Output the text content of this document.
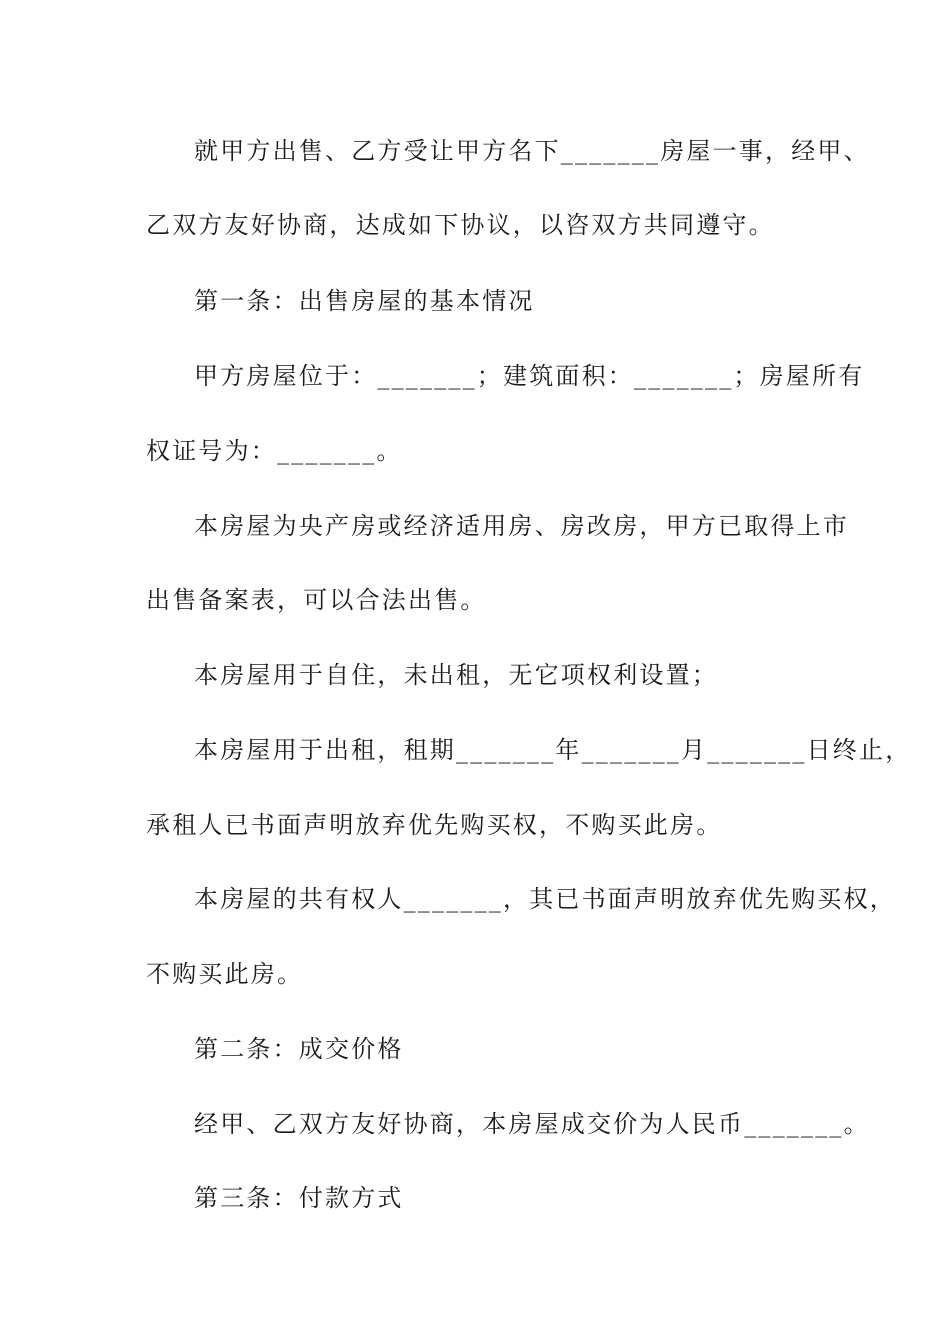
就甲方出售、乙方受让甲方名下_______房屋一事，经甲、
乙双方友好协商，达成如下协议，以咨双方共同遵守。
第一条：出售房屋的基本情况
甲方房屋位于：_______；建筑面积：_______；房屋所有
权证号为：_______。
本房屋为央产房或经济适用房、房改房，甲方已取得上市
出售备案表，可以合法出售。
本房屋用于自住，未出租，无它项权利设置；
本房屋用于出租，租期_______年_______月_______日终止，
承租人已书面声明放弃优先购买权，不购买此房。
本房屋的共有权人_______，其已书面声明放弃优先购买权，
不购买此房。
第二条：成交价格
经甲、乙双方友好协商，本房屋成交价为人民币_______。
第三条：付款方式
